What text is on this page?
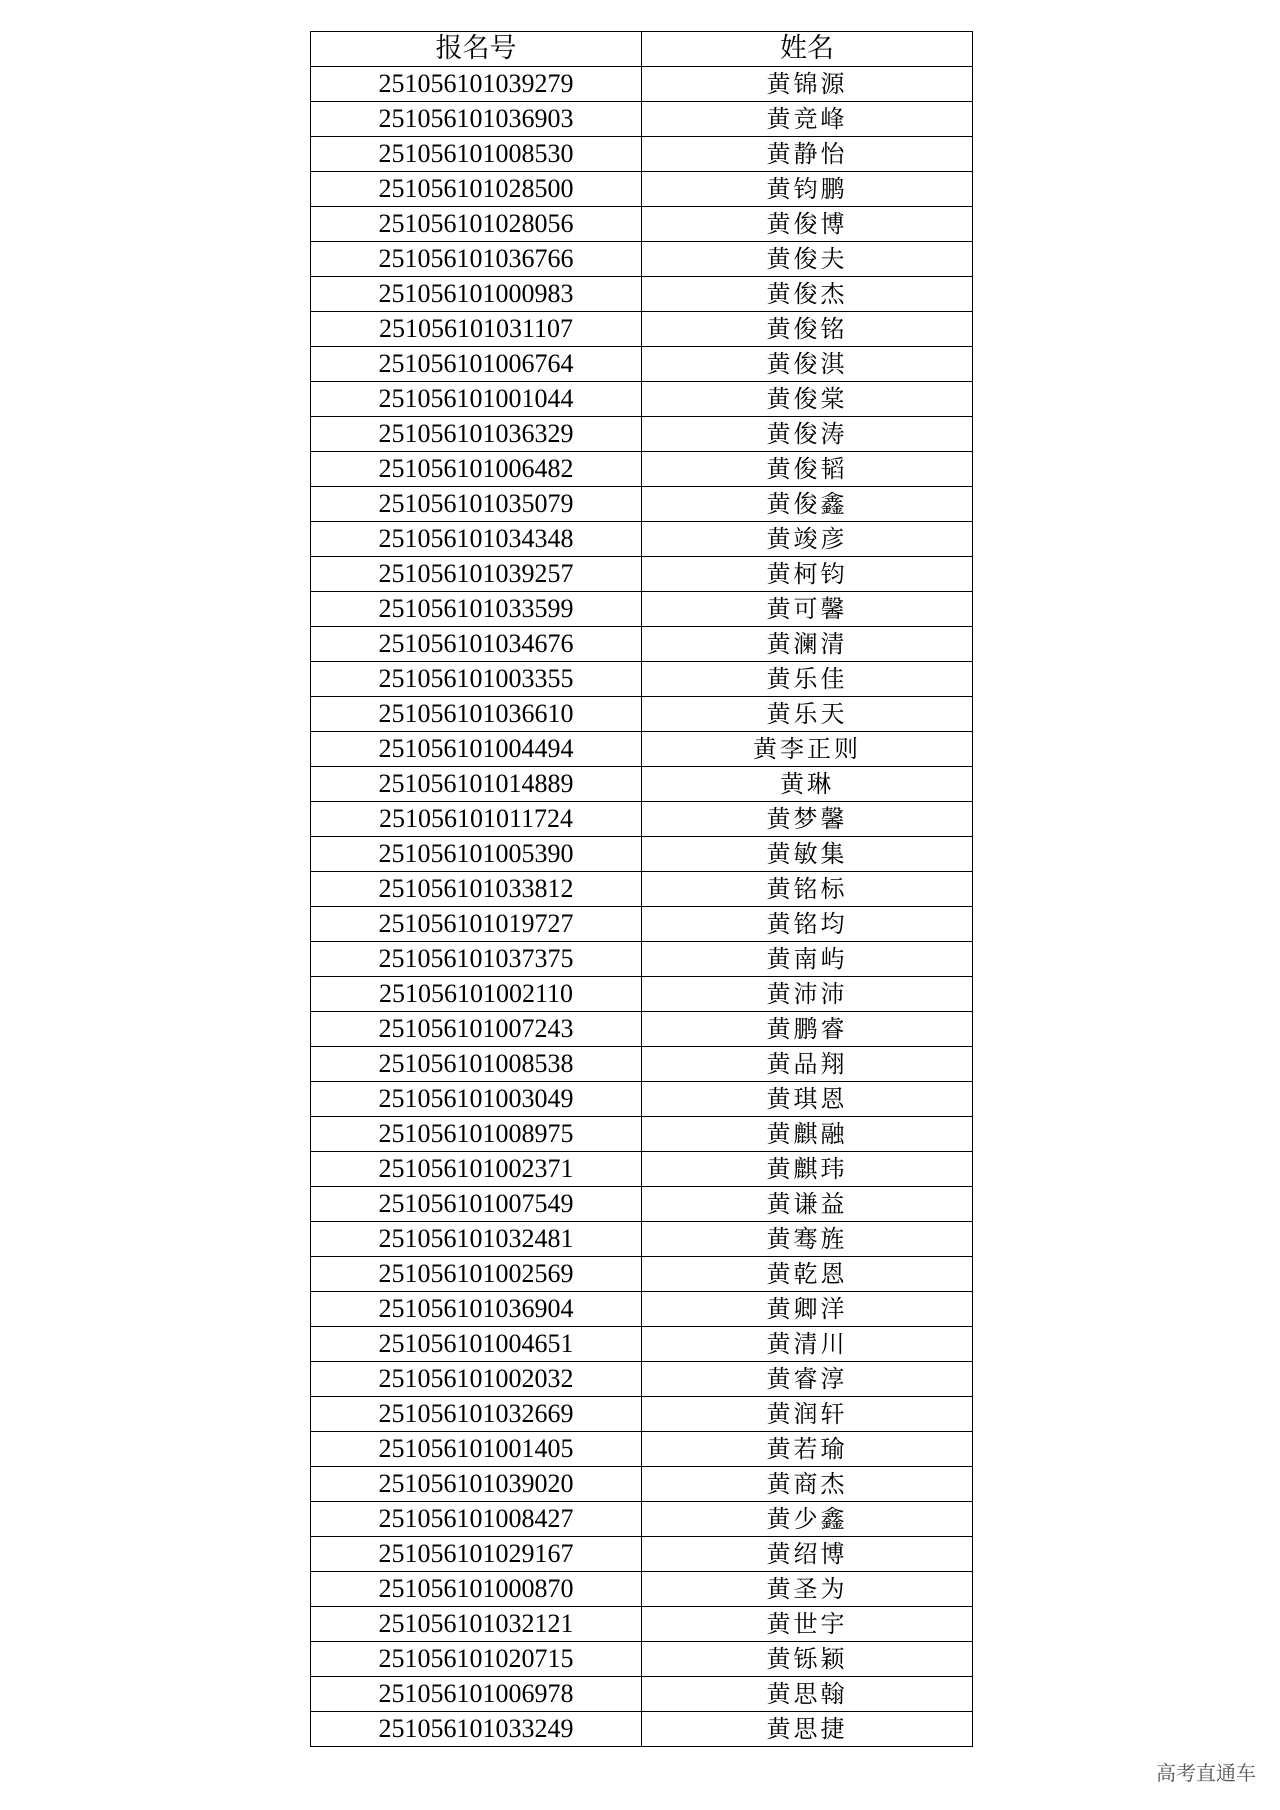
报名号	姓名
251056101039279	黄锦源
251056101036903	黄竞峰
251056101008530	黄静怡
251056101028500	黄钧鹏
251056101028056	黄俊博
251056101036766	黄俊夫
251056101000983	黄俊杰
251056101031107	黄俊铭
251056101006764	黄俊淇
251056101001044	黄俊棠
251056101036329	黄俊涛
251056101006482	黄俊韬
251056101035079	黄俊鑫
251056101034348	黄竣彦
251056101039257	黄柯钧
251056101033599	黄可馨
251056101034676	黄澜清
251056101003355	黄乐佳
251056101036610	黄乐天
251056101004494	黄李正则
251056101014889	黄琳
251056101011724	黄梦馨
251056101005390	黄敏集
251056101033812	黄铭标
251056101019727	黄铭均
251056101037375	黄南屿
251056101002110	黄沛沛
251056101007243	黄鹏睿
251056101008538	黄品翔
251056101003049	黄琪恩
251056101008975	黄麒融
251056101002371	黄麒玮
251056101007549	黄谦益
251056101032481	黄骞旌
251056101002569	黄乾恩
251056101036904	黄卿洋
251056101004651	黄清川
251056101002032	黄睿淳
251056101032669	黄润轩
251056101001405	黄若瑜
251056101039020	黄商杰
251056101008427	黄少鑫
251056101029167	黄绍博
251056101000870	黄圣为
251056101032121	黄世宇
251056101020715	黄铄颖
251056101006978	黄思翰
251056101033249	黄思捷
高考直通车
